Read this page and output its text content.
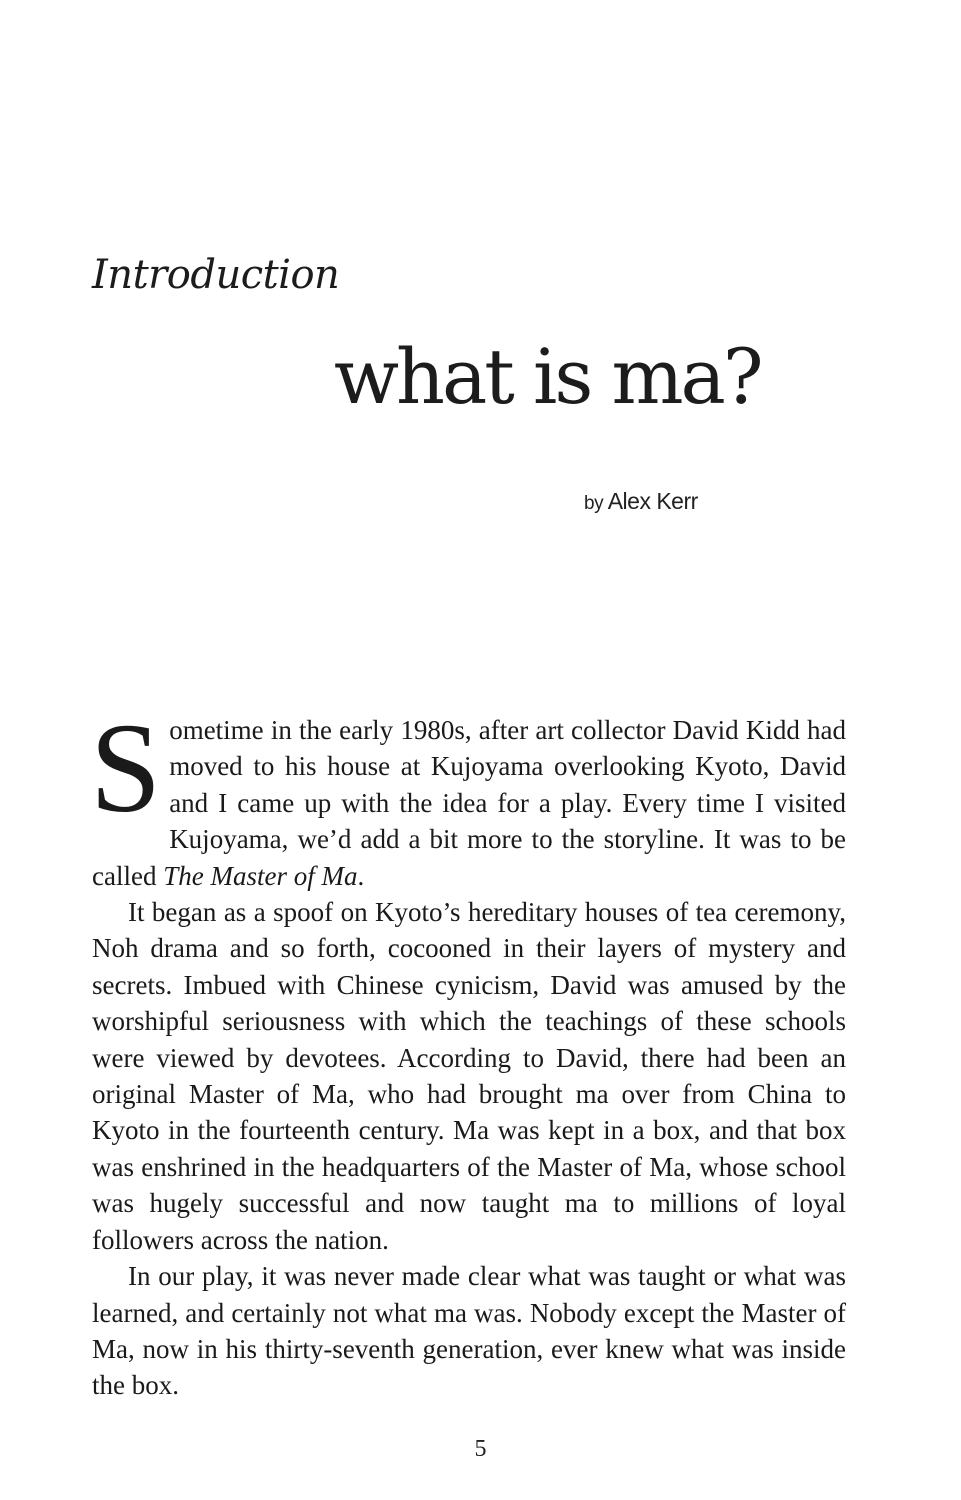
Introduction
what is ma?

by Alex Kerr

Sometime in the early 1980s, after art collector David Kidd had moved to his house at Kujoyama overlooking Kyoto, David and I came up with the idea for a play. Every time I visited Kujoyama, we’d add a bit more to the storyline. It was to be called The Master of Ma.

It began as a spoof on Kyoto’s hereditary houses of tea ceremony, Noh drama and so forth, cocooned in their layers of mystery and secrets. Imbued with Chinese cynicism, David was amused by the worshipful seriousness with which the teachings of these schools were viewed by devotees. According to David, there had been an original Master of Ma, who had brought ma over from China to Kyoto in the fourteenth century. Ma was kept in a box, and that box was enshrined in the headquarters of the Master of Ma, whose school was hugely successful and now taught ma to millions of loyal followers across the nation.

In our play, it was never made clear what was taught or what was learned, and certainly not what ma was. Nobody except the Master of Ma, now in his thirty-seventh generation, ever knew what was inside the box.

5
